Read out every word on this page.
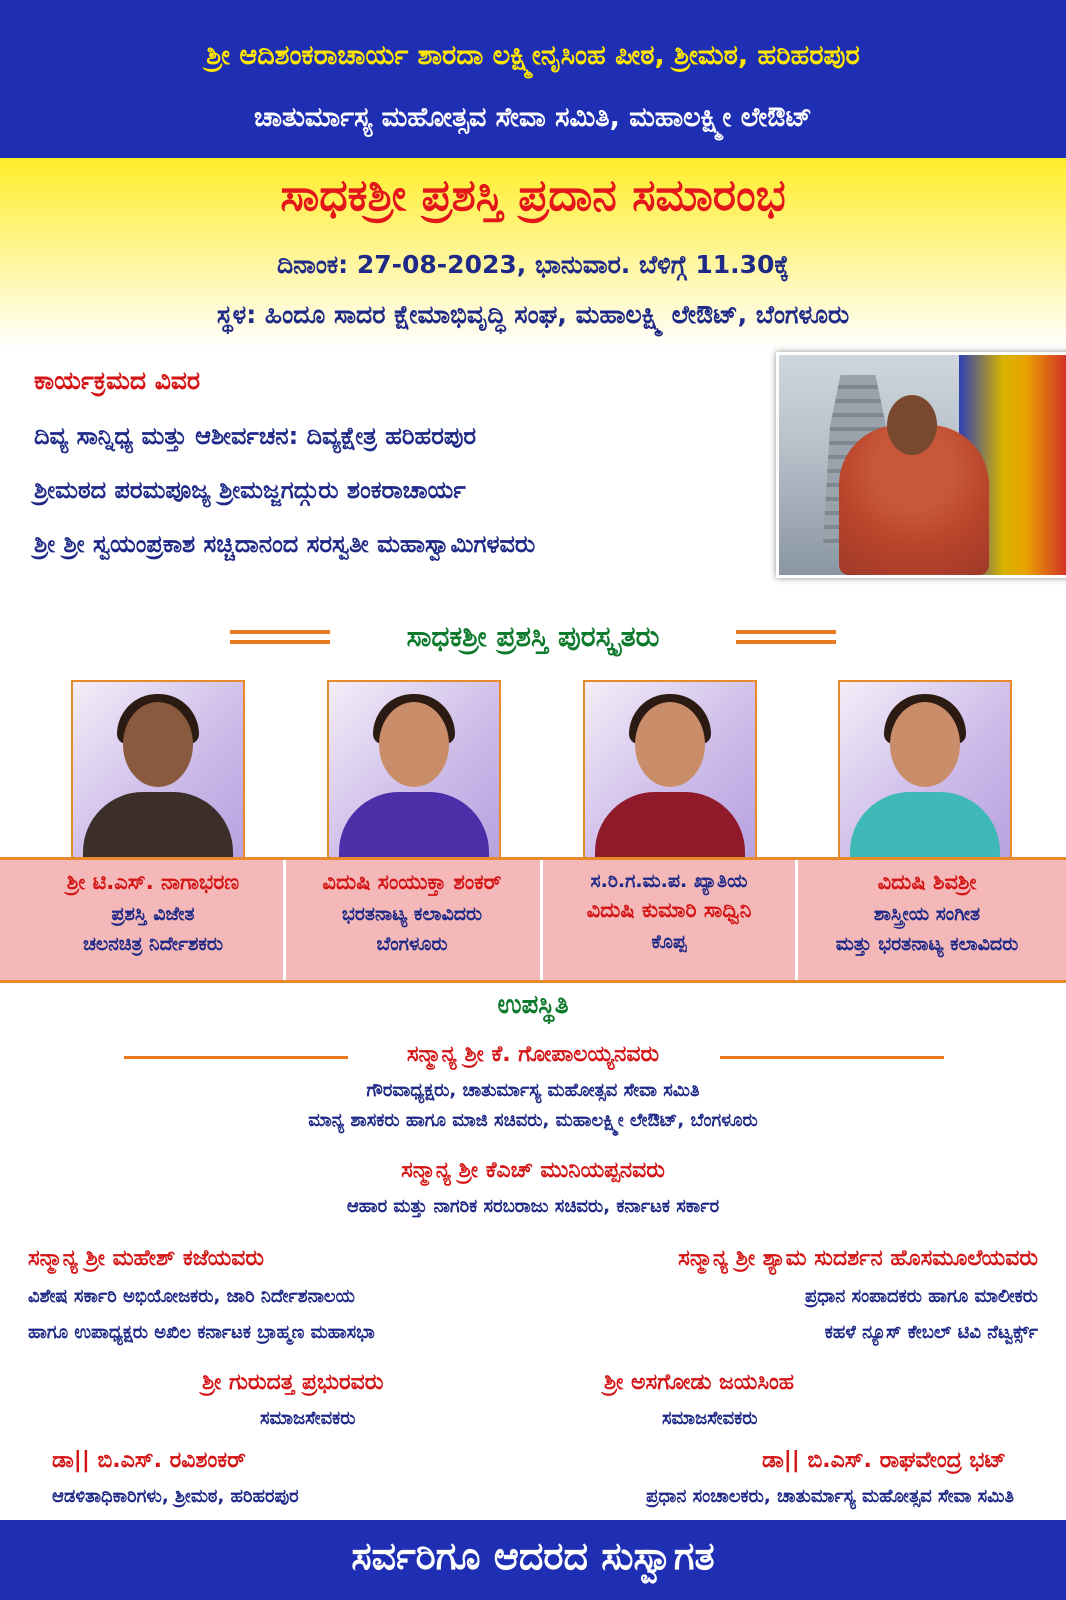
ಶ್ರೀ ಆದಿಶಂಕರಾಚಾರ್ಯ ಶಾರದಾ ಲಕ್ಷ್ಮೀನೃಸಿಂಹ ಪೀಠ, ಶ್ರೀಮಠ, ಹರಿಹರಪುರ
ಚಾತುರ್ಮಾಸ್ಯ ಮಹೋತ್ಸವ ಸೇವಾ ಸಮಿತಿ, ಮಹಾಲಕ್ಷ್ಮೀ ಲೇಔಟ್
ಸಾಧಕಶ್ರೀ ಪ್ರಶಸ್ತಿ ಪ್ರದಾನ ಸಮಾರಂಭ
ದಿನಾಂಕ: 27-08-2023, ಭಾನುವಾರ. ಬೆಳಿಗ್ಗೆ 11.30ಕ್ಕೆ
ಸ್ಥಳ: ಹಿಂದೂ ಸಾದರ ಕ್ಷೇಮಾಭಿವೃದ್ಧಿ ಸಂಘ, ಮಹಾಲಕ್ಷ್ಮಿ ಲೇಔಟ್, ಬೆಂಗಳೂರು
ಕಾರ್ಯಕ್ರಮದ ವಿವರ
ದಿವ್ಯ ಸಾನ್ನಿಧ್ಯ ಮತ್ತು ಆಶೀರ್ವಚನ: ದಿವ್ಯಕ್ಷೇತ್ರ ಹರಿಹರಪುರ
ಶ್ರೀಮಠದ ಪರಮಪೂಜ್ಯ ಶ್ರೀಮಜ್ಜಗದ್ಗುರು ಶಂಕರಾಚಾರ್ಯ
ಶ್ರೀ ಶ್ರೀ ಸ್ವಯಂಪ್ರಕಾಶ ಸಚ್ಚಿದಾನಂದ ಸರಸ್ವತೀ ಮಹಾಸ್ವಾಮಿಗಳವರು
ಸಾಧಕಶ್ರೀ ಪ್ರಶಸ್ತಿ ಪುರಸ್ಕೃತರು
ಶ್ರೀ ಟಿ.ಎಸ್. ನಾಗಾಭರಣ
ಪ್ರಶಸ್ತಿ ವಿಜೇತ
ಚಲನಚಿತ್ರ ನಿರ್ದೇಶಕರು
ವಿದುಷಿ ಸಂಯುಕ್ತಾ ಶಂಕರ್
ಭರತನಾಟ್ಯ ಕಲಾವಿದರು
ಬೆಂಗಳೂರು
ಸ.ರಿ.ಗ.ಮ.ಪ. ಖ್ಯಾತಿಯ
ವಿದುಷಿ ಕುಮಾರಿ ಸಾಧ್ವಿನಿ
ಕೊಪ್ಪ
ವಿದುಷಿ ಶಿವಶ್ರೀ
ಶಾಸ್ತ್ರೀಯ ಸಂಗೀತ
ಮತ್ತು ಭರತನಾಟ್ಯ ಕಲಾವಿದರು
ಉಪಸ್ಥಿತಿ
ಸನ್ಮಾನ್ಯ ಶ್ರೀ ಕೆ. ಗೋಪಾಲಯ್ಯನವರು
ಗೌರವಾಧ್ಯಕ್ಷರು, ಚಾತುರ್ಮಾಸ್ಯ ಮಹೋತ್ಸವ ಸೇವಾ ಸಮಿತಿ
ಮಾನ್ಯ ಶಾಸಕರು ಹಾಗೂ ಮಾಜಿ ಸಚಿವರು, ಮಹಾಲಕ್ಷ್ಮೀ ಲೇಔಟ್, ಬೆಂಗಳೂರು
ಸನ್ಮಾನ್ಯ ಶ್ರೀ ಕೆಎಚ್ ಮುನಿಯಪ್ಪನವರು
ಆಹಾರ ಮತ್ತು ನಾಗರಿಕ ಸರಬರಾಜು ಸಚಿವರು, ಕರ್ನಾಟಕ ಸರ್ಕಾರ
ಸನ್ಮಾನ್ಯ ಶ್ರೀ ಮಹೇಶ್ ಕಜೆಯವರು
ವಿಶೇಷ ಸರ್ಕಾರಿ ಅಭಿಯೋಜಕರು, ಜಾರಿ ನಿರ್ದೇಶನಾಲಯ
ಹಾಗೂ ಉಪಾಧ್ಯಕ್ಷರು ಅಖಿಲ ಕರ್ನಾಟಕ ಬ್ರಾಹ್ಮಣ ಮಹಾಸಭಾ
ಸನ್ಮಾನ್ಯ ಶ್ರೀ ಶ್ಯಾಮ ಸುದರ್ಶನ ಹೊಸಮೂಲೆಯವರು
ಪ್ರಧಾನ ಸಂಪಾದಕರು ಹಾಗೂ ಮಾಲೀಕರು
ಕಹಳೆ ನ್ಯೂಸ್ ಕೇಬಲ್ ಟಿವಿ ನೆಟ್ವರ್ಕ್ಸ್
ಶ್ರೀ ಗುರುದತ್ತ ಪ್ರಭುರವರು
ಸಮಾಜಸೇವಕರು
ಶ್ರೀ ಅಸಗೋಡು ಜಯಸಿಂಹ
ಸಮಾಜಸೇವಕರು
ಡಾ|| ಬಿ.ಎಸ್. ರವಿಶಂಕರ್
ಆಡಳಿತಾಧಿಕಾರಿಗಳು, ಶ್ರೀಮಠ, ಹರಿಹರಪುರ
ಡಾ|| ಬಿ.ಎಸ್. ರಾಘವೇಂದ್ರ ಭಟ್
ಪ್ರಧಾನ ಸಂಚಾಲಕರು, ಚಾತುರ್ಮಾಸ್ಯ ಮಹೋತ್ಸವ ಸೇವಾ ಸಮಿತಿ
ಸರ್ವರಿಗೂ ಆದರದ ಸುಸ್ವಾಗತ
